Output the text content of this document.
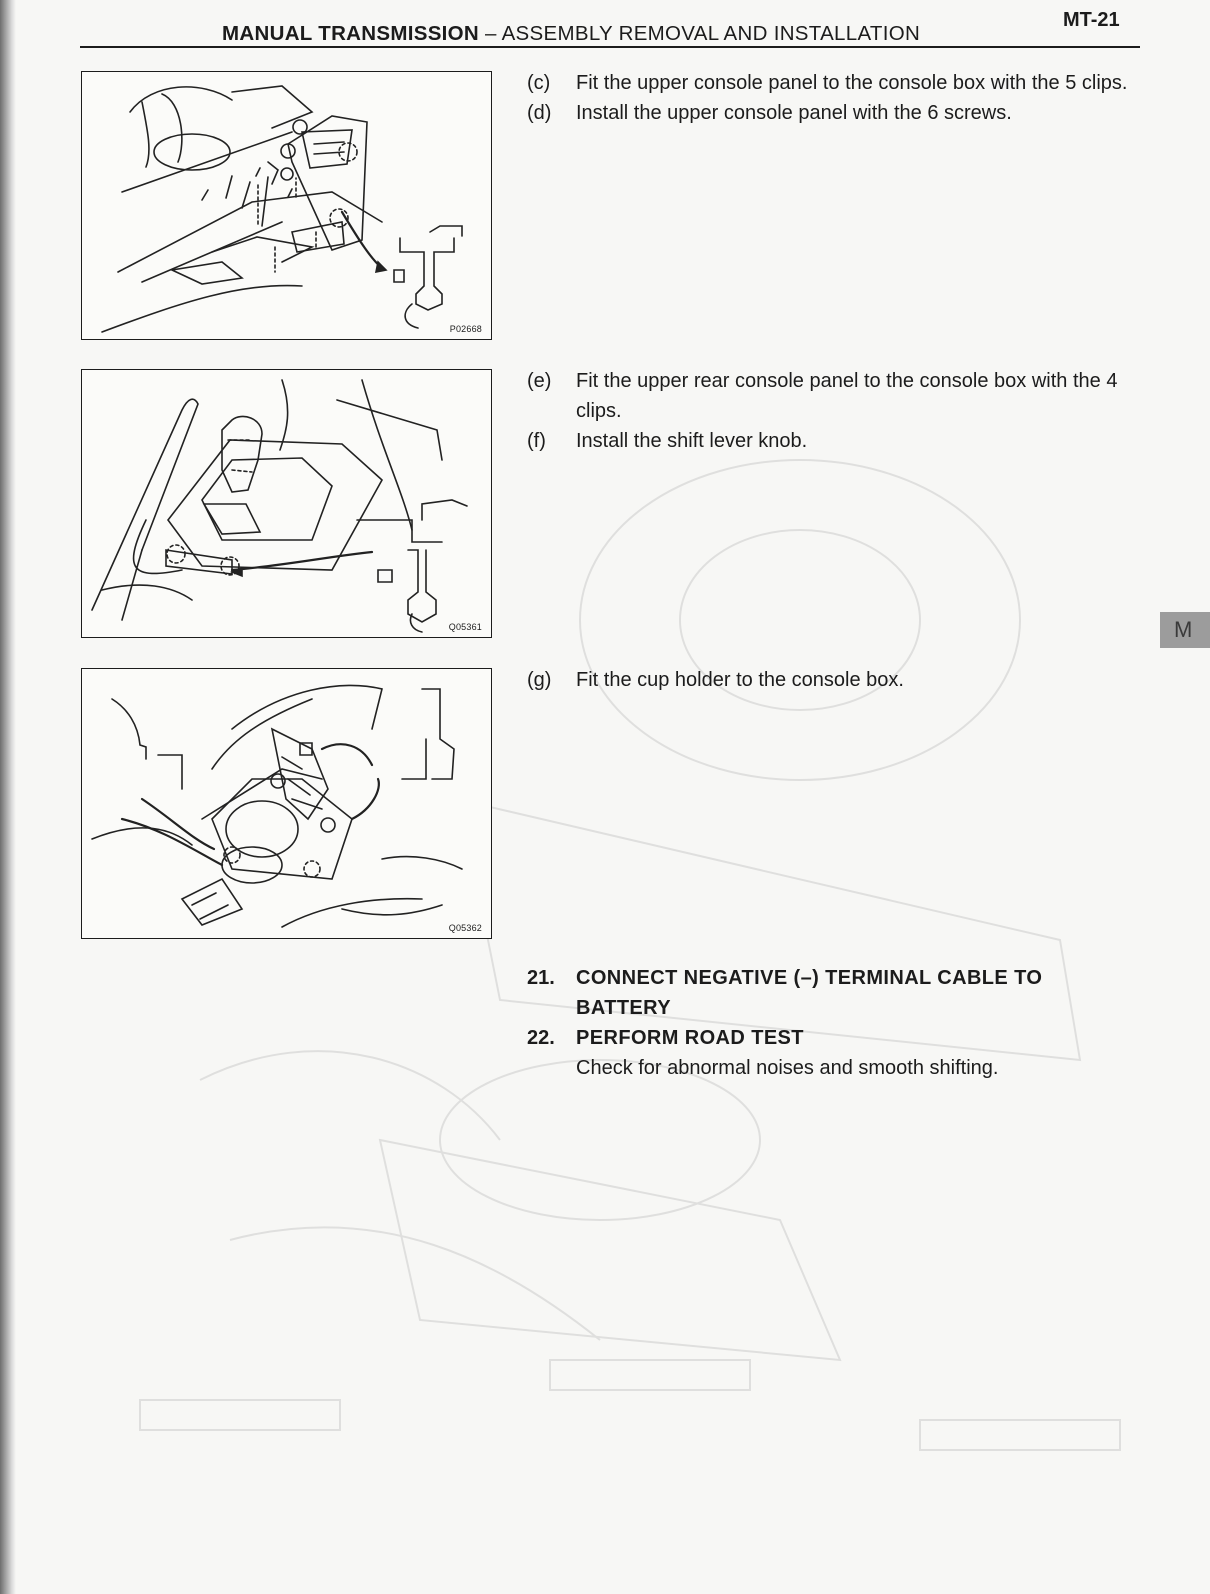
MANUAL TRANSMISSION – ASSEMBLY REMOVAL AND INSTALLATION
MT-21
P02668
Q05361
Q05362
(c)	Fit the upper console panel to the console box with the 5 clips.
(d)	Install the upper console panel with the 6 screws.
(e)	Fit the upper rear console panel to the console box with the 4 clips.
(f)	Install the shift lever knob.
(g)	Fit the cup holder to the console box.
21.	CONNECT NEGATIVE (–) TERMINAL CABLE TO BATTERY
22.	PERFORM ROAD TEST
Check for abnormal noises and smooth shifting.
M
